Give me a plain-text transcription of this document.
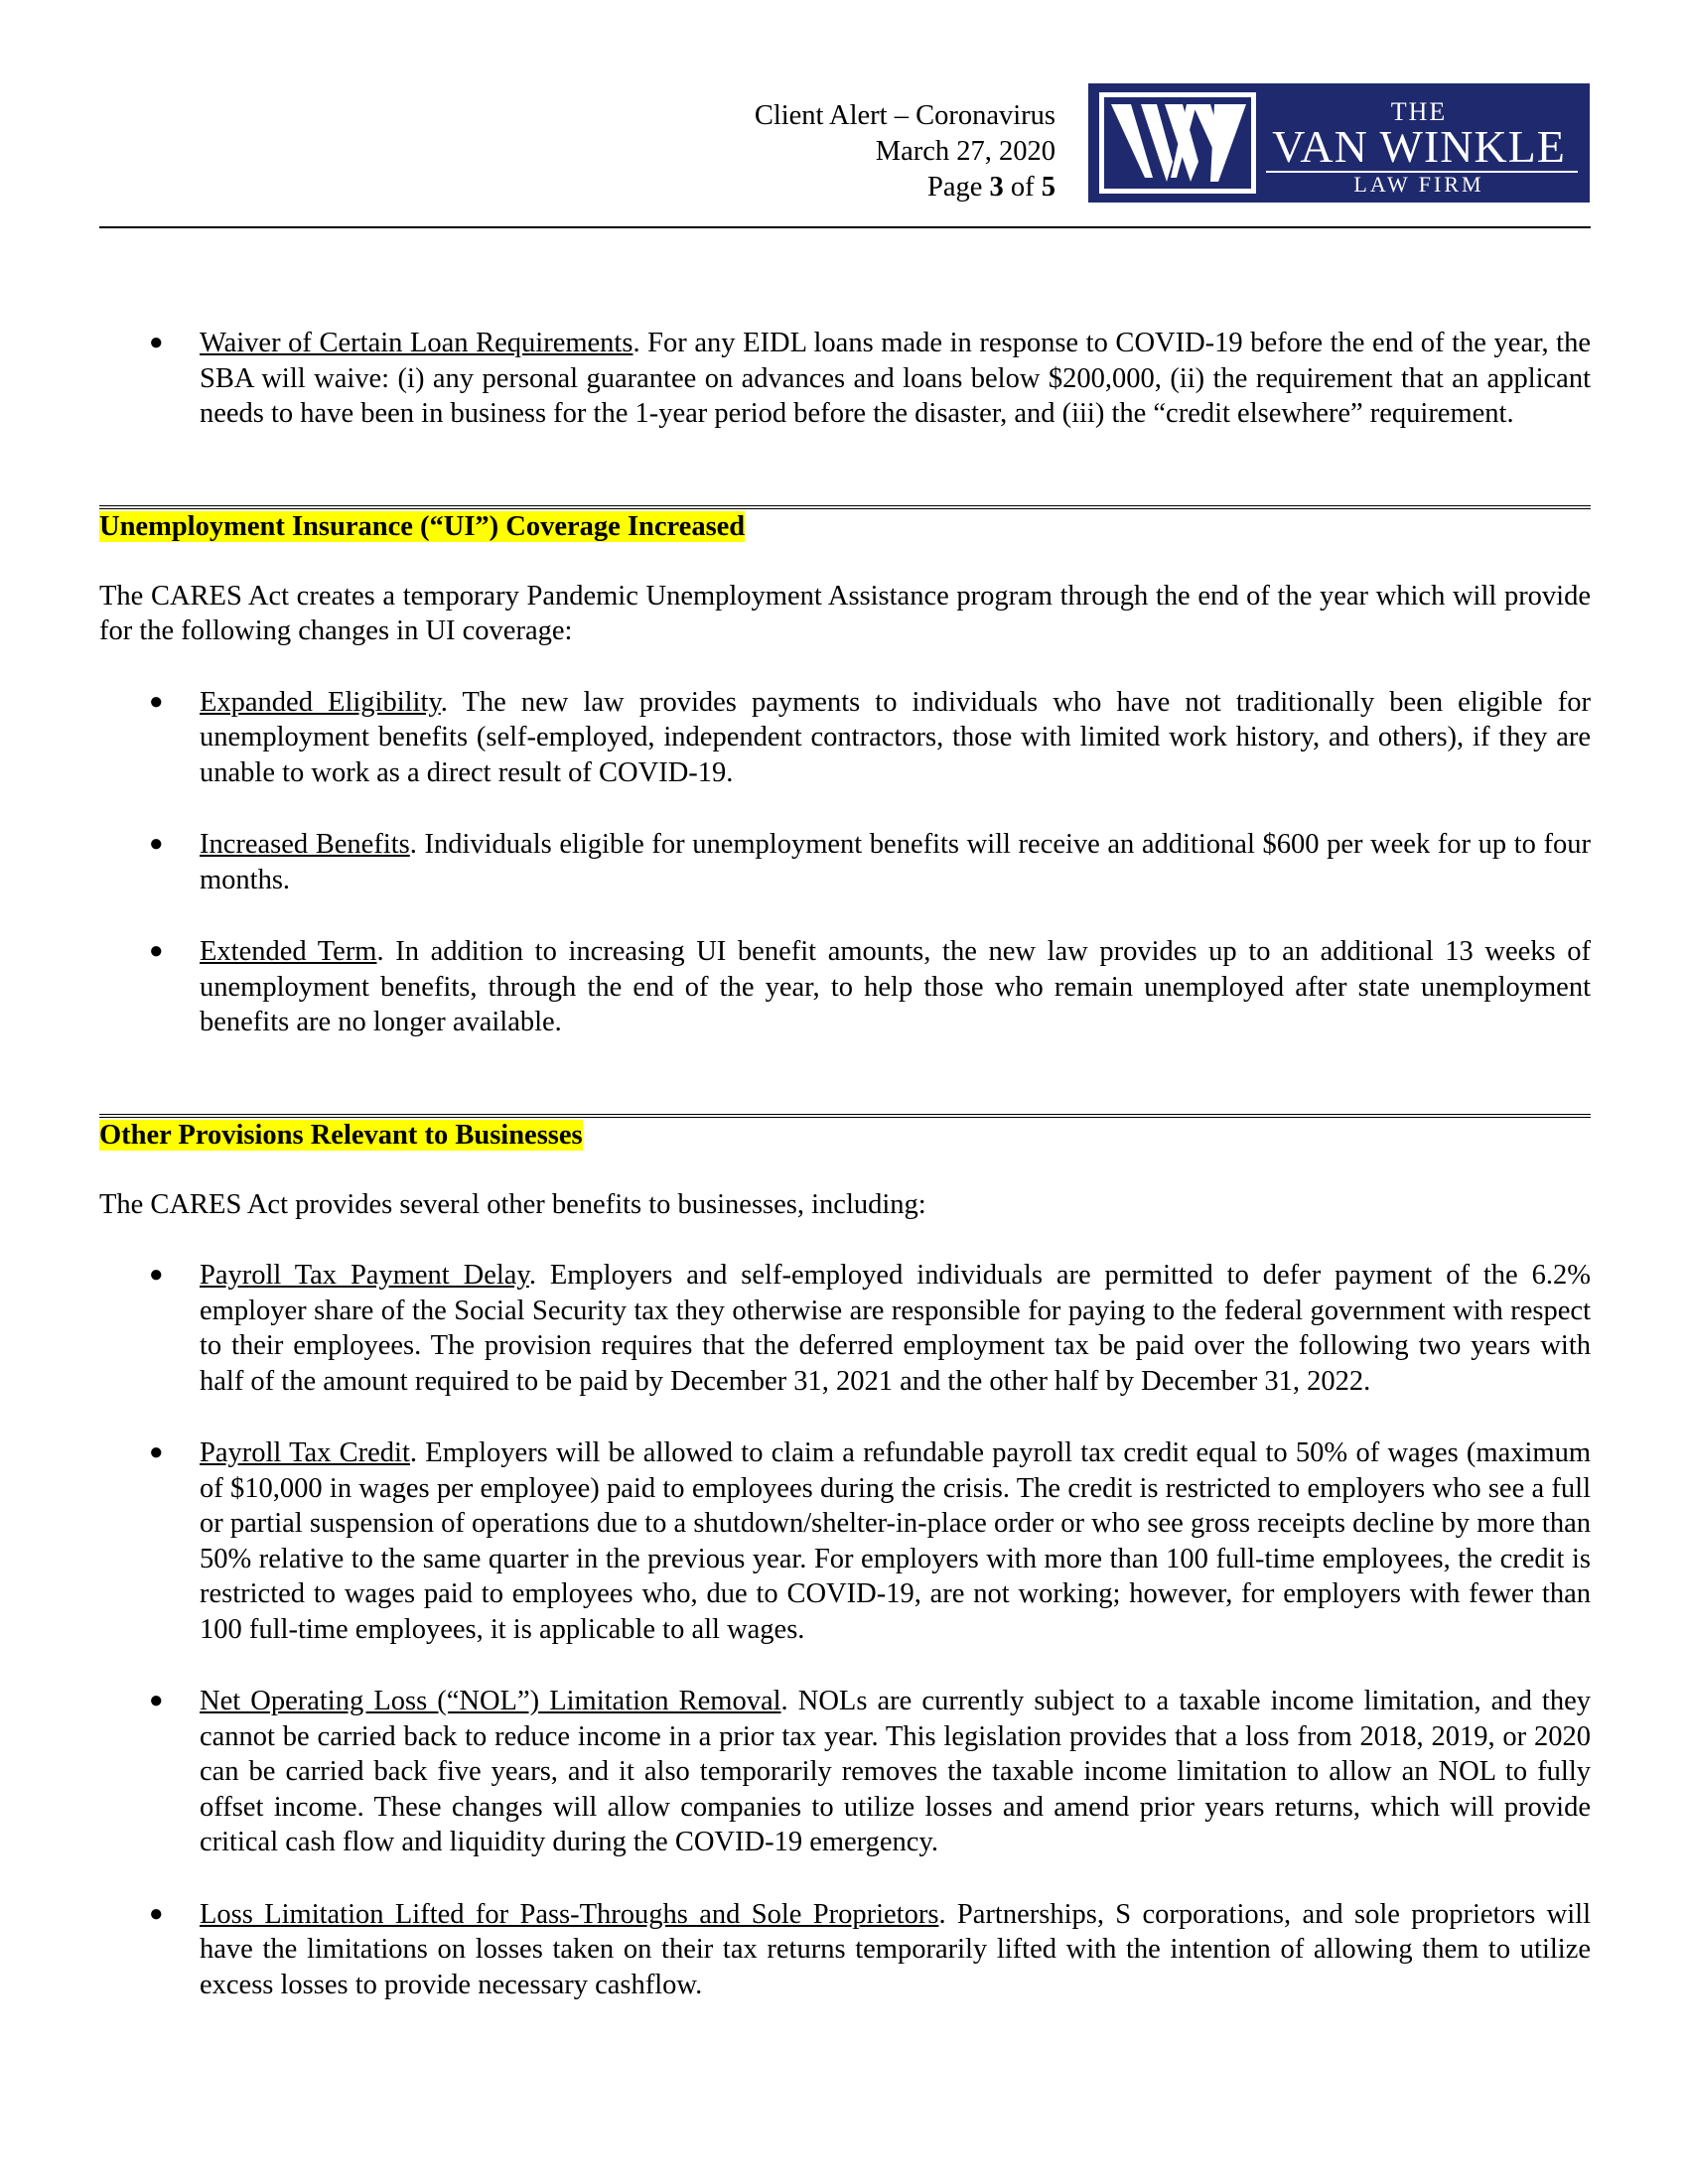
Client Alert – Coronavirus
March 27, 2020
Page 3 of 5
THE
VAN WINKLE
LAW FIRM

● Waiver of Certain Loan Requirements. For any EIDL loans made in response to COVID-19 before the end of the year, the SBA will waive: (i) any personal guarantee on advances and loans below $200,000, (ii) the requirement that an applicant needs to have been in business for the 1-year period before the disaster, and (iii) the “credit elsewhere” requirement.

Unemployment Insurance (“UI”) Coverage Increased

The CARES Act creates a temporary Pandemic Unemployment Assistance program through the end of the year which will provide for the following changes in UI coverage:

● Expanded Eligibility. The new law provides payments to individuals who have not traditionally been eligible for unemployment benefits (self-employed, independent contractors, those with limited work history, and others), if they are unable to work as a direct result of COVID-19.

● Increased Benefits. Individuals eligible for unemployment benefits will receive an additional $600 per week for up to four months.

● Extended Term. In addition to increasing UI benefit amounts, the new law provides up to an additional 13 weeks of unemployment benefits, through the end of the year, to help those who remain unemployed after state unemployment benefits are no longer available.

Other Provisions Relevant to Businesses

The CARES Act provides several other benefits to businesses, including:

● Payroll Tax Payment Delay. Employers and self-employed individuals are permitted to defer payment of the 6.2% employer share of the Social Security tax they otherwise are responsible for paying to the federal government with respect to their employees. The provision requires that the deferred employment tax be paid over the following two years with half of the amount required to be paid by December 31, 2021 and the other half by December 31, 2022.

● Payroll Tax Credit. Employers will be allowed to claim a refundable payroll tax credit equal to 50% of wages (maximum of $10,000 in wages per employee) paid to employees during the crisis. The credit is restricted to employers who see a full or partial suspension of operations due to a shutdown/shelter-in-place order or who see gross receipts decline by more than 50% relative to the same quarter in the previous year. For employers with more than 100 full-time employees, the credit is restricted to wages paid to employees who, due to COVID-19, are not working; however, for employers with fewer than 100 full-time employees, it is applicable to all wages.

● Net Operating Loss (“NOL”) Limitation Removal. NOLs are currently subject to a taxable income limitation, and they cannot be carried back to reduce income in a prior tax year. This legislation provides that a loss from 2018, 2019, or 2020 can be carried back five years, and it also temporarily removes the taxable income limitation to allow an NOL to fully offset income. These changes will allow companies to utilize losses and amend prior years returns, which will provide critical cash flow and liquidity during the COVID-19 emergency.

● Loss Limitation Lifted for Pass-Throughs and Sole Proprietors. Partnerships, S corporations, and sole proprietors will have the limitations on losses taken on their tax returns temporarily lifted with the intention of allowing them to utilize excess losses to provide necessary cashflow.
